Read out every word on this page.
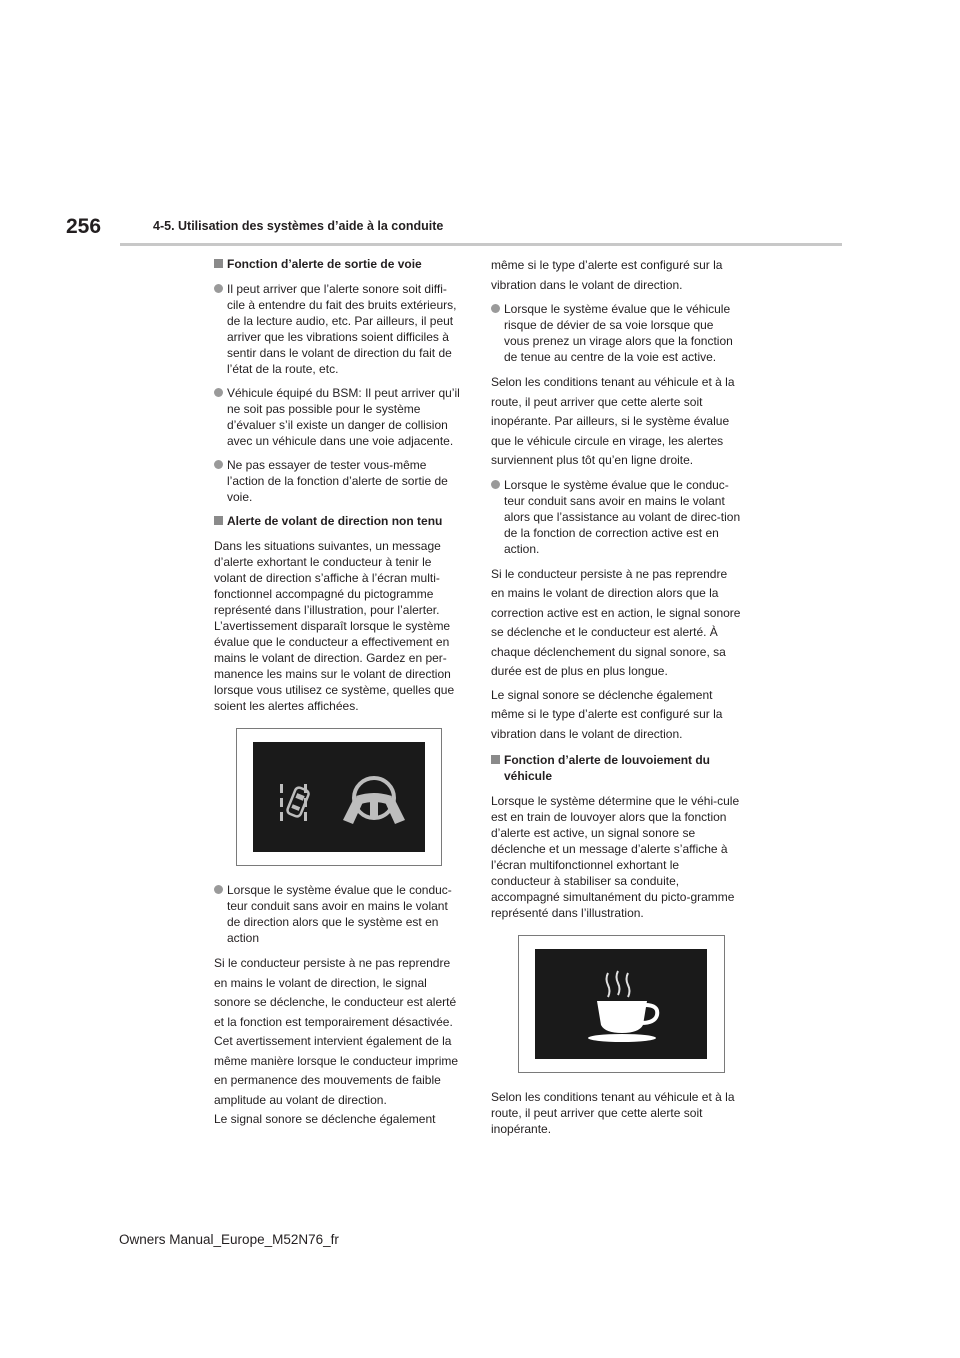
256	4-5. Utilisation des systèmes d’aide à la conduite
Fonction d’alerte de sortie de voie
Il peut arriver que l’alerte sonore soit diffi-cile à entendre du fait des bruits extérieurs, de la lecture audio, etc. Par ailleurs, il peut arriver que les vibrations soient difficiles à sentir dans le volant de direction du fait de l’état de la route, etc.
Véhicule équipé du BSM: Il peut arriver qu’il ne soit pas possible pour le système d’évaluer s’il existe un danger de collision avec un véhicule dans une voie adjacente.
Ne pas essayer de tester vous-même l’action de la fonction d’alerte de sortie de voie.
Alerte de volant de direction non tenu
Dans les situations suivantes, un message d’alerte exhortant le conducteur à tenir le volant de direction s’affiche à l’écran multi-fonctionnel accompagné du pictogramme représenté dans l’illustration, pour l’alerter. L’avertissement disparaît lorsque le système évalue que le conducteur a effectivement en mains le volant de direction. Gardez en per-manence les mains sur le volant de direction lorsque vous utilisez ce système, quelles que soient les alertes affichées.
Lorsque le système évalue que le conduc-teur conduit sans avoir en mains le volant de direction alors que le système est en action
Si le conducteur persiste à ne pas reprendre en mains le volant de direction, le signal sonore se déclenche, le conducteur est alerté et la fonction est temporairement désactivée.
Cet avertissement intervient également de la même manière lorsque le conducteur imprime en permanence des mouvements de faible amplitude au volant de direction.
Le signal sonore se déclenche également
même si le type d’alerte est configuré sur la vibration dans le volant de direction.
Lorsque le système évalue que le véhicule risque de dévier de sa voie lorsque que vous prenez un virage alors que la fonction de tenue au centre de la voie est active.
Selon les conditions tenant au véhicule et à la route, il peut arriver que cette alerte soit inopérante. Par ailleurs, si le système évalue que le véhicule circule en virage, les alertes surviennent plus tôt qu’en ligne droite.
Lorsque le système évalue que le conduc-teur conduit sans avoir en mains le volant alors que l’assistance au volant de direc-tion de la fonction de correction active est en action.
Si le conducteur persiste à ne pas reprendre en mains le volant de direction alors que la correction active est en action, le signal sonore se déclenche et le conducteur est alerté. À chaque déclenchement du signal sonore, sa durée est de plus en plus longue.
Le signal sonore se déclenche également même si le type d’alerte est configuré sur la vibration dans le volant de direction.
Fonction d’alerte de louvoiement du véhicule
Lorsque le système détermine que le véhi-cule est en train de louvoyer alors que la fonction d’alerte est active, un signal sonore se déclenche et un message d’alerte s’affiche à l’écran multifonctionnel exhortant le conducteur à stabiliser sa conduite, accompagné simultanément du picto-gramme représenté dans l’illustration.
Selon les conditions tenant au véhicule et à la route, il peut arriver que cette alerte soit inopérante.
Owners Manual_Europe_M52N76_fr
